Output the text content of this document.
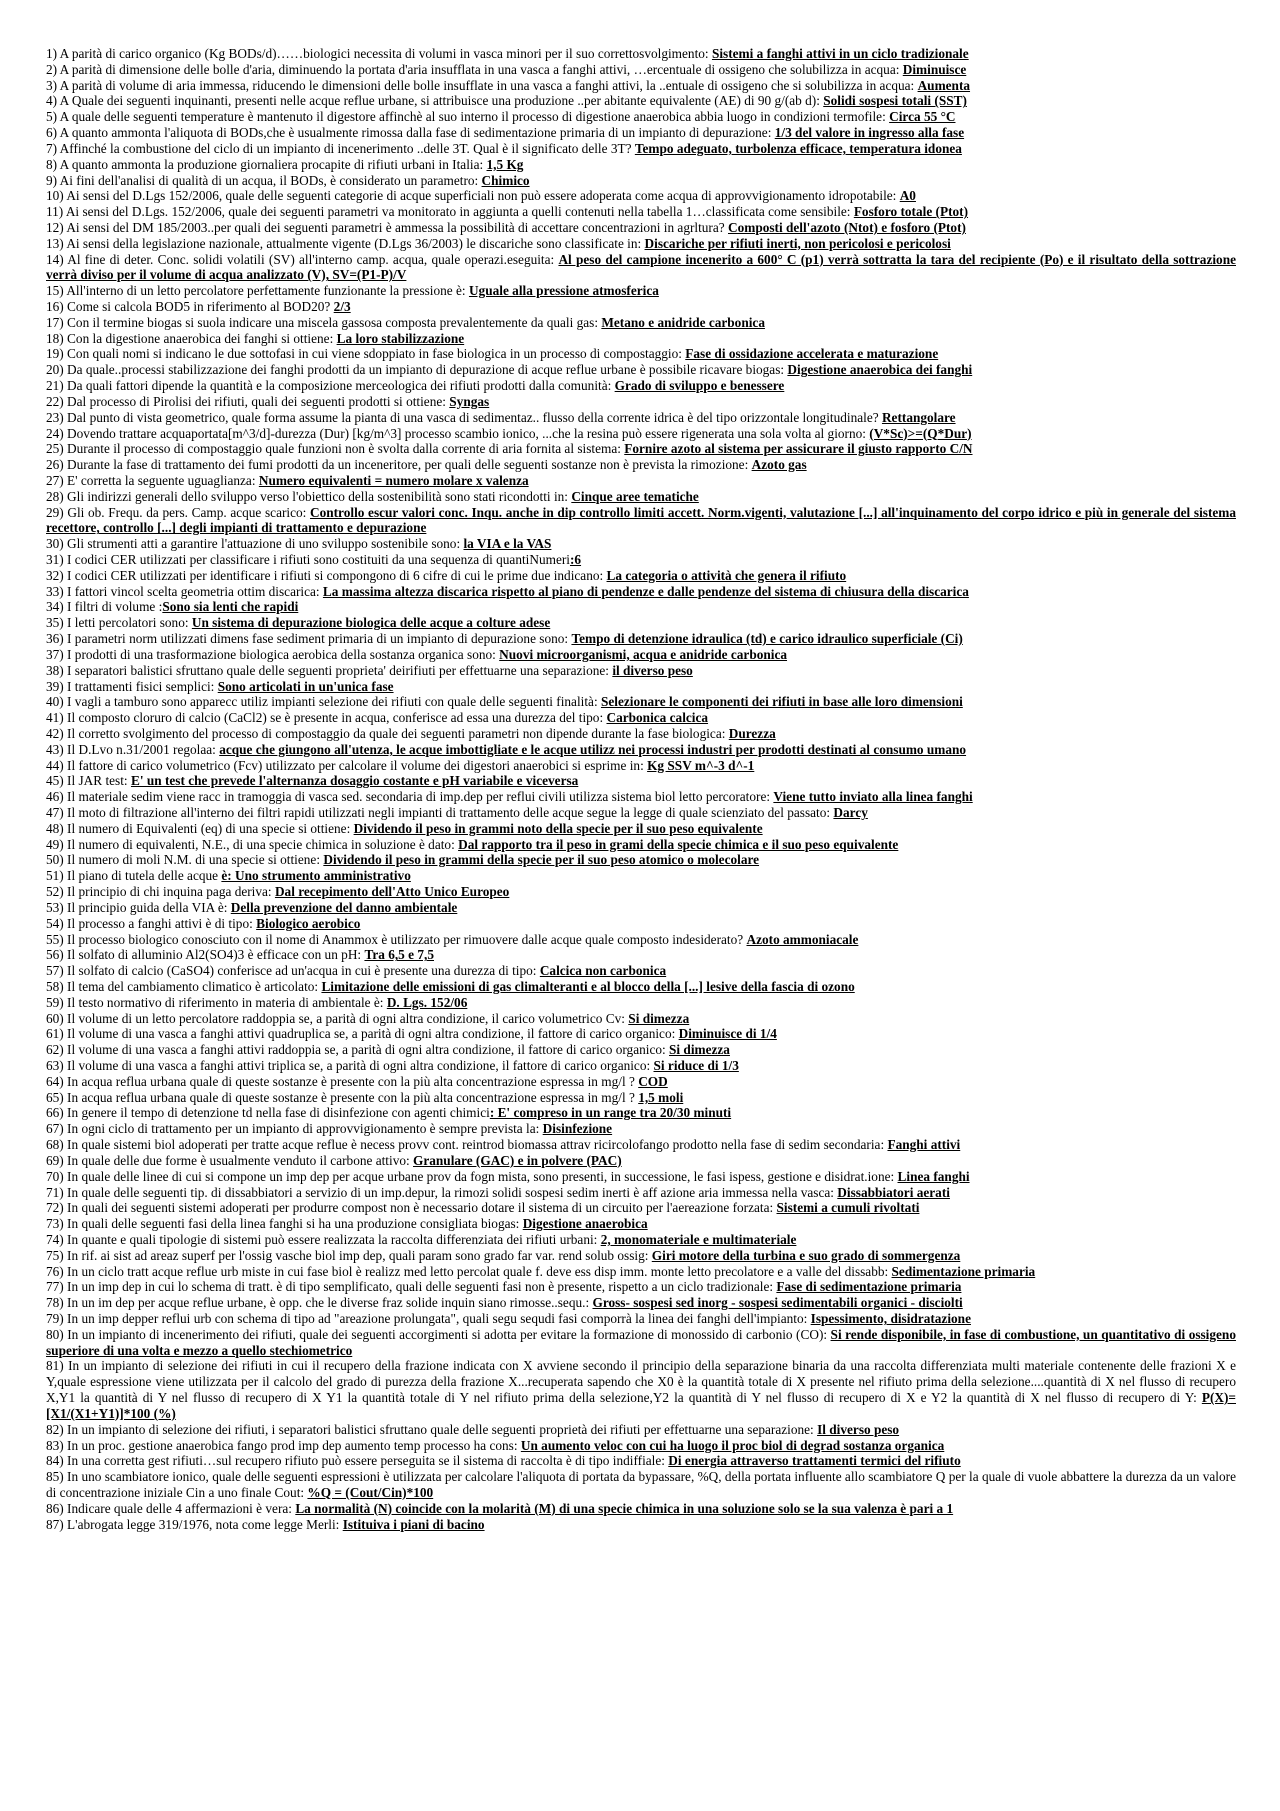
1) A parità di carico organico (Kg BODs/d)……biologici necessita di volumi in vasca minori per il suo correttosvolgimento: Sistemi a fanghi attivi in un ciclo tradizionale

2) A parità di dimensione delle bolle d'aria, diminuendo la portata d'aria insufflata in una vasca a fanghi attivi, …ercentuale di ossigeno che solubilizza in acqua: Diminuisce

3) A parità di volume di aria immessa, riducendo le dimensioni delle bolle insufflate in una vasca a fanghi attivi, la ..entuale di ossigeno che si solubilizza in acqua: Aumenta

4) A Quale dei seguenti inquinanti, presenti nelle acque reflue urbane, si attribuisce una produzione ..per abitante equivalente (AE) di 90 g/(ab d): Solidi sospesi totali (SST)

5) A quale delle seguenti temperature è mantenuto il digestore affinchè al suo interno il processo di digestione anaerobica abbia luogo in condizioni termofile: Circa 55 °C

6) A quanto ammonta l'aliquota di BODs,che è usualmente rimossa dalla fase di sedimentazione primaria di un impianto di depurazione: 1/3 del valore in ingresso alla fase

7) Affinché la combustione del ciclo di un impianto di incenerimento ..delle 3T. Qual è il significato delle 3T? Tempo adeguato, turbolenza efficace, temperatura idonea

8) A quanto ammonta la produzione giornaliera procapite di rifiuti urbani in Italia: 1,5 Kg

9) Ai fini dell'analisi di qualità di un acqua, il BODs, è considerato un parametro: Chimico

10) Ai sensi del D.Lgs 152/2006, quale delle seguenti categorie di acque superficiali non può essere adoperata come acqua di approvvigionamento idropotabile: A0

11) Ai sensi del D.Lgs. 152/2006, quale dei seguenti parametri va monitorato in aggiunta a quelli contenuti nella tabella 1…classificata come sensibile: Fosforo totale (Ptot)

12) Ai sensi del DM 185/2003..per quali dei seguenti parametri è ammessa la possibilità di accettare concentrazioni in agrltura? Composti dell'azoto (Ntot) e fosforo (Ptot)

13) Ai sensi della legislazione nazionale, attualmente vigente (D.Lgs 36/2003) le discariche sono classificate in: Discariche per rifiuti inerti, non pericolosi e pericolosi

14) Al fine di deter. Conc. solidi volatili (SV) all'interno camp. acqua, quale operazi.eseguita: Al peso del campione incenerito a 600° C (p1) verrà sottratta la tara del recipiente (Po) e il risultato della sottrazione verrà diviso per il volume di acqua analizzato (V), SV=(P1-P)/V

15) All'interno di un letto percolatore perfettamente funzionante la pressione è: Uguale alla pressione atmosferica

16) Come si calcola BOD5 in riferimento al BOD20? 2/3

17) Con il termine biogas si suola indicare una miscela gassosa composta prevalentemente da quali gas: Metano e anidride carbonica

18) Con la digestione anaerobica dei fanghi si ottiene: La loro stabilizzazione

19) Con quali nomi si indicano le due sottofasi in cui viene sdoppiato in fase biologica in un processo di compostaggio: Fase di ossidazione accelerata e maturazione

20) Da quale..processi stabilizzazione dei fanghi prodotti da un impianto di depurazione di acque reflue urbane è possibile ricavare biogas: Digestione anaerobica dei fanghi

21) Da quali fattori dipende la quantità e la composizione merceologica dei rifiuti prodotti dalla comunità: Grado di sviluppo e benessere

22) Dal processo di Pirolisi dei rifiuti, quali dei seguenti prodotti si ottiene: Syngas

23) Dal punto di vista geometrico, quale forma assume la pianta di una vasca di sedimentaz.. flusso della corrente idrica è del tipo orizzontale longitudinale? Rettangolare

24) Dovendo trattare acquaportata[m^3/d]-durezza (Dur) [kg/m^3] processo scambio ionico, ...che la resina può essere rigenerata una sola volta al giorno: (V*Sc)>=(Q*Dur)

25) Durante il processo di compostaggio quale funzioni non è svolta dalla corrente di aria fornita al sistema: Fornire azoto al sistema per assicurare il giusto rapporto C/N

26) Durante la fase di trattamento dei fumi prodotti da un inceneritore, per quali delle seguenti sostanze non è prevista la rimozione: Azoto gas

27) E' corretta la seguente uguaglianza: Numero equivalenti = numero molare x valenza

28) Gli indirizzi generali dello sviluppo verso l'obiettico della sostenibilità sono stati ricondotti in: Cinque aree tematiche

29) Gli ob. Frequ. da pers. Camp. acque scarico: Controllo escur valori conc. Inqu. anche in dip controllo limiti accett. Norm.vigenti, valutazione [...] all'inquinamento del corpo idrico e più in generale del sistema recettore, controllo [...] degli impianti di trattamento e depurazione

30) Gli strumenti atti a garantire l'attuazione di uno sviluppo sostenibile sono: la VIA e la VAS

31) I codici CER utilizzati per classificare i rifiuti sono costituiti da una sequenza di quantiNumeri:6

32) I codici CER utilizzati per identificare i rifiuti si compongono di 6 cifre di cui le prime due indicano: La categoria o attività che genera il rifiuto

33) I fattori vincol scelta geometria ottim discarica: La massima altezza discarica rispetto al piano di pendenze e dalle pendenze del sistema di chiusura della discarica

34) I filtri di volume :Sono sia lenti che rapidi

35) I letti percolatori sono: Un sistema di depurazione biologica delle acque a colture adese

36) I parametri norm utilizzati dimens fase sediment primaria di un impianto di depurazione sono: Tempo di detenzione idraulica (td) e carico idraulico superficiale (Ci)

37) I prodotti di una trasformazione biologica aerobica della sostanza organica sono: Nuovi microorganismi, acqua e anidride carbonica

38) I separatori balistici sfruttano quale delle seguenti proprieta' deirifiuti per effettuarne una separazione: il diverso peso

39) I trattamenti fisici semplici: Sono articolati in un'unica fase

40) I vagli a tamburo sono apparecc utiliz impianti selezione dei rifiuti con quale delle seguenti finalità: Selezionare le componenti dei rifiuti in base alle loro dimensioni

41) Il composto cloruro di calcio (CaCl2) se è presente in acqua, conferisce ad essa una durezza del tipo: Carbonica calcica

42) Il corretto svolgimento del processo di compostaggio da quale dei seguenti parametri non dipende durante la fase biologica: Durezza

43) Il D.Lvo n.31/2001 regolaa: acque che giungono all'utenza, le acque imbottigliate e le acque utilizz nei processi industri per prodotti destinati al consumo umano

44) Il fattore di carico volumetrico (Fcv) utilizzato per calcolare il volume dei digestori anaerobici si esprime in: Kg SSV m^-3 d^-1

45) Il JAR test: E' un test che prevede l'alternanza dosaggio costante e pH variabile e viceversa

46) Il materiale sedim viene racc in tramoggia di vasca sed. secondaria di imp.dep per reflui civili utilizza sistema biol letto percoratore: Viene tutto inviato alla linea fanghi

47) Il moto di filtrazione all'interno dei filtri rapidi utilizzati negli impianti di trattamento delle acque segue la legge di quale scienziato del passato: Darcy

48) Il numero di Equivalenti (eq) di una specie si ottiene: Dividendo il peso in grammi noto della specie per il suo peso equivalente

49) Il numero di equivalenti, N.E., di una specie chimica in soluzione è dato: Dal rapporto tra il peso in grami della specie chimica e il suo peso equivalente

50) Il numero di moli N.M. di una specie si ottiene: Dividendo il peso in grammi della specie per il suo peso atomico o molecolare

51) Il piano di tutela delle acque è: Uno strumento amministrativo

52) Il principio di chi inquina paga deriva: Dal recepimento dell'Atto Unico Europeo

53) Il principio guida della VIA è: Della prevenzione del danno ambientale

54) Il processo a fanghi attivi è di tipo: Biologico aerobico

55) Il processo biologico conosciuto con il nome di Anammox è utilizzato per rimuovere dalle acque quale composto indesiderato? Azoto ammoniacale

56) Il solfato di alluminio Al2(SO4)3 è efficace con un pH: Tra 6,5 e 7,5

57) Il solfato di calcio (CaSO4) conferisce ad un'acqua in cui è presente una durezza di tipo: Calcica non carbonica

58) Il tema del cambiamento climatico è articolato: Limitazione delle emissioni di gas climalteranti e al blocco della [...] lesive della fascia di ozono

59) Il testo normativo di riferimento in materia di ambientale è: D. Lgs. 152/06

60) Il volume di un letto percolatore raddoppia se, a parità di ogni altra condizione, il carico volumetrico Cv: Si dimezza

61) Il volume di una vasca a fanghi attivi quadruplica se, a parità di ogni altra condizione, il fattore di carico organico: Diminuisce di 1/4

62) Il volume di una vasca a fanghi attivi raddoppia se, a parità di ogni altra condizione, il fattore di carico organico: Si dimezza

63) Il volume di una vasca a fanghi attivi triplica se, a parità di ogni altra condizione, il fattore di carico organico: Si riduce di 1/3

64) In acqua reflua urbana quale di queste sostanze è presente con la più alta concentrazione espressa in mg/l ? COD

65) In acqua reflua urbana quale di queste sostanze è presente con la più alta concentrazione espressa in mg/l ? 1,5 moli

66) In genere il tempo di detenzione td nella fase di disinfezione con agenti chimici: E' compreso in un range tra 20/30 minuti

67) In ogni ciclo di trattamento per un impianto di approvvigionamento è sempre prevista la: Disinfezione

68) In quale sistemi biol adoperati per tratte acque reflue è necess provv cont. reintrod biomassa attrav ricircolofango prodotto nella fase di sedim secondaria: Fanghi attivi

69) In quale delle due forme è usualmente venduto il carbone attivo: Granulare (GAC) e in polvere (PAC)

70) In quale delle linee di cui si compone un imp dep per acque urbane prov da fogn mista, sono presenti, in successione, le fasi ispess, gestione e disidrat.ione: Linea fanghi

71) In quale delle seguenti tip. di dissabbiatori a servizio di un imp.depur, la rimozi solidi sospesi sedim inerti è aff azione aria immessa nella vasca: Dissabbiatori aerati

72) In quali dei seguenti sistemi adoperati per produrre compost non è necessario dotare il sistema di un circuito per l'aereazione forzata: Sistemi a cumuli rivoltati

73) In quali delle seguenti fasi della linea fanghi si ha una produzione consigliata biogas: Digestione anaerobica

74) In quante e quali tipologie di sistemi può essere realizzata la raccolta differenziata dei rifiuti urbani: 2, monomateriale e multimateriale

75) In rif. ai sist ad areaz superf per l'ossig vasche biol imp dep, quali param sono grado far var. rend solub ossig: Giri motore della turbina e suo grado di sommergenza

76) In un ciclo tratt acque reflue urb miste in cui fase biol è realizz med letto percolat quale f. deve ess disp imm. monte letto precolatore e a valle del dissabb: Sedimentazione primaria

77) In un imp dep in cui lo schema di tratt. è di tipo semplificato, quali delle seguenti fasi non è presente, rispetto a un ciclo tradizionale: Fase di sedimentazione primaria

78) In un im dep per acque reflue urbane, è opp. che le diverse fraz solide inquin siano rimosse..sequ.: Gross- sospesi sed inorg - sospesi sedimentabili organici - disciolti

79) In un imp depper reflui urb con schema di tipo ad "areazione prolungata", quali segu sequdi fasi comporrà la linea dei fanghi dell'impianto: Ispessimento, disidratazione

80) In un impianto di incenerimento dei rifiuti, quale dei seguenti accorgimenti si adotta per evitare la formazione di monossido di carbonio (CO): Si rende disponibile, in fase di combustione, un quantitativo di ossigeno superiore di una volta e mezzo a quello stechiometrico

81) In un impianto di selezione dei rifiuti in cui il recupero della frazione indicata con X avviene secondo il principio della separazione binaria da una raccolta differenziata multi materiale contenente delle frazioni X e Y,quale espressione viene utilizzata per il calcolo del grado di purezza della frazione X...recuperata sapendo che X0 è la quantità totale di X presente nel rifiuto prima della selezione....quantità di X nel flusso di recupero X,Y1 la quantità di Y nel flusso di recupero di X Y1 la quantità totale di Y nel rifiuto prima della selezione,Y2 la quantità di Y nel flusso di recupero di X e Y2 la quantità di X nel flusso di recupero di Y: P(X)= [X1/(X1+Y1)]*100 (%)

82) In un impianto di selezione dei rifiuti, i separatori balistici sfruttano quale delle seguenti proprietà dei rifiuti per effettuarne una separazione: Il diverso peso

83) In un proc. gestione anaerobica fango prod imp dep aumento temp processo ha cons: Un aumento veloc con cui ha luogo il proc biol di degrad sostanza organica

84) In una corretta gest rifiuti…sul recupero rifiuto può essere perseguita se il sistema di raccolta è di tipo indiffiale: Di energia attraverso trattamenti termici del rifiuto

85) In uno scambiatore ionico, quale delle seguenti espressioni è utilizzata per calcolare l'aliquota di portata da bypassare, %Q, della portata influente allo scambiatore Q per la quale di vuole abbattere la durezza da un valore di concentrazione iniziale Cin a uno finale Cout: %Q = (Cout/Cin)*100

86) Indicare quale delle 4 affermazioni è vera: La normalità (N) coincide con la molarità (M) di una specie chimica in una soluzione solo se la sua valenza è pari a 1

87) L'abrogata legge 319/1976, nota come legge Merli: Istituiva i piani di bacino
